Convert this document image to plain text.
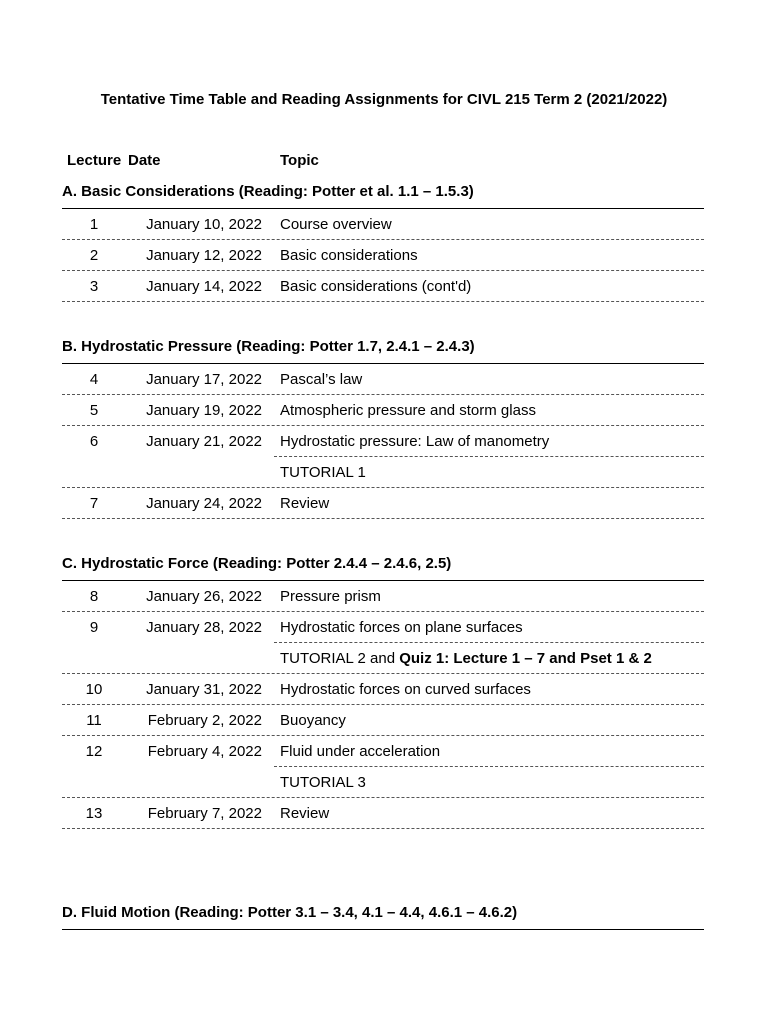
Tentative Time Table and Reading Assignments for CIVL 215 Term 2 (2021/2022)
Lecture Date	Topic
A. Basic Considerations (Reading: Potter et al. 1.1 – 1.5.3)
1	January 10, 2022 Course overview
2	January 12, 2022 Basic considerations
3	January 14, 2022 Basic considerations (cont'd)
B. Hydrostatic Pressure (Reading: Potter 1.7, 2.4.1 – 2.4.3)
4	January 17, 2022 Pascal’s law
5	January 19, 2022 Atmospheric pressure and storm glass
6	January 21, 2022 Hydrostatic pressure: Law of manometry
TUTORIAL 1
7	January 24, 2022 Review
C. Hydrostatic Force (Reading: Potter 2.4.4 – 2.4.6, 2.5)
8	January 26, 2022 Pressure prism
9	January 28, 2022 Hydrostatic forces on plane surfaces
TUTORIAL 2 and Quiz 1: Lecture 1 – 7 and Pset 1 & 2
10	January 31, 2022 Hydrostatic forces on curved surfaces
11	February 2, 2022 Buoyancy
12	February 4, 2022 Fluid under acceleration
TUTORIAL 3
13	February 7, 2022 Review
D. Fluid Motion (Reading: Potter 3.1 – 3.4, 4.1 – 4.4, 4.6.1 – 4.6.2)
